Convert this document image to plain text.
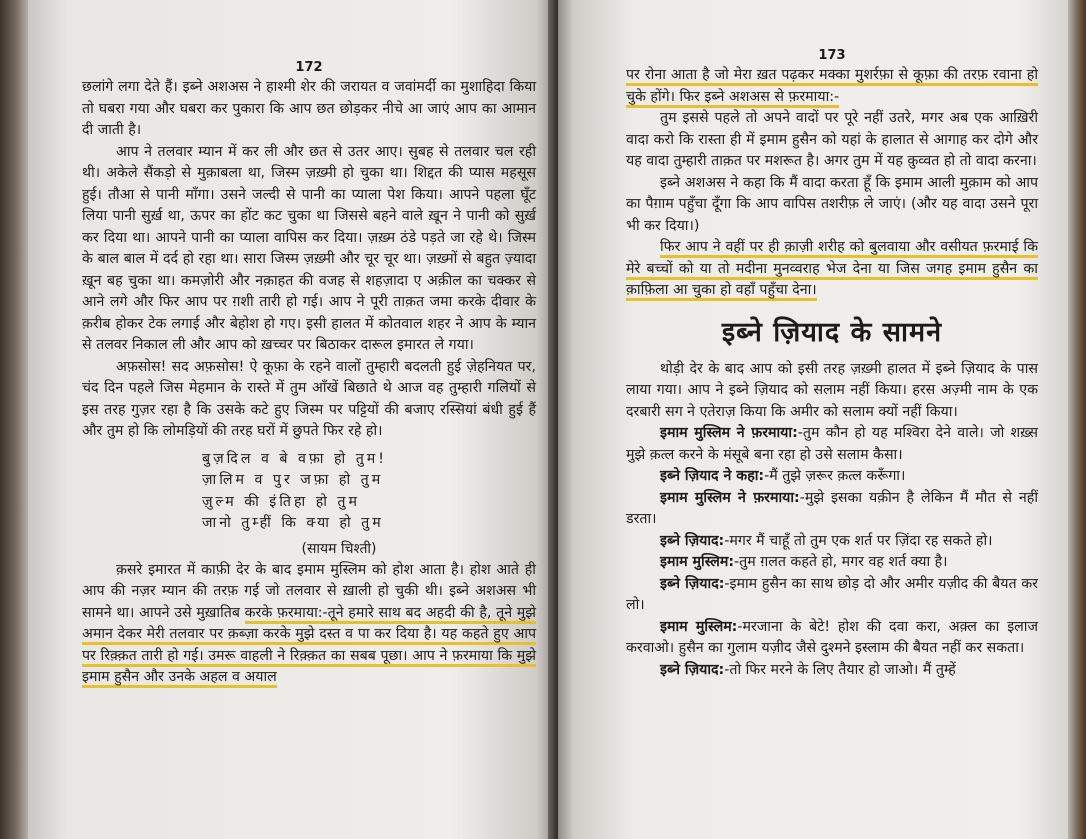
172

छलांगे लगा देते हैं। इब्ने अशअस ने हाश्मी शेर की जरायत व जवांमर्दी का मुशाहिदा किया तो घबरा गया और घबरा कर पुकारा कि आप छत छोड़कर नीचे आ जाएं आप का आमान दी जाती है।

आप ने तलवार म्यान में कर ली और छत से उतर आए। सुबह से तलवार चल रही थी। अकेले सैंकड़ो से मुक़ाबला था, जिस्म ज़ख़्मी हो चुका था। शिद्दत की प्यास महसूस हुई। तौआ से पानी माँगा। उसने जल्दी से पानी का प्याला पेश किया। आपने पहला घूँट लिया पानी सुर्ख़ था, ऊपर का होंट कट चुका था जिससे बहने वाले ख़ून ने पानी को सुर्ख़ कर दिया था। आपने पानी का प्याला वापिस कर दिया। ज़ख़्म ठंडे पड़ते जा रहे थे। जिस्म के बाल बाल में दर्द हो रहा था। सारा जिस्म ज़ख़्मी और चूर चूर था। ज़ख़्मों से बहुत ज़्यादा ख़ून बह चुका था। कमज़ोरी और नक़ाहत की वजह से शहज़ादा ए अक़ील का चक्कर से आने लगे और फिर आप पर ग़शी तारी हो गई। आप ने पूरी ताक़त जमा करके दीवार के क़रीब होकर टेक लगाई और बेहोश हो गए। इसी हालत में कोतवाल शहर ने आप के म्यान से तलवर निकाल ली और आप को ख़च्चर पर बिठाकर दारूल इमारत ले गया।

अफ़सोस! सद अफ़सोस! ऐ कूफ़ा के रहने वालों तुम्हारी बदलती हुई ज़ेहनियत पर, चंद दिन पहले जिस मेहमान के रास्ते में तुम आँखें बिछाते थे आज वह तुम्हारी गलियों से इस तरह गुज़र रहा है कि उसके कटे हुए जिस्म पर पट्टियों की बजाए रस्सियां बंधी हुई हैं और तुम हो कि लोमड़ियों की तरह घरों में छुपते फिर रहे हो।

बुज़दिल व बे वफ़ा हो तुम!
ज़ालिम व पुर जफ़ा हो तुम
ज़ुल्म की इंतिहा हो तुम
जानो तुम्हीं कि क्या हो तुम
(सायम चिश्ती)

क़सरे इमारत में काफ़ी देर के बाद इमाम मुस्लिम को होश आता है। होश आते ही आप की नज़र म्यान की तरफ़ गई जो तलवार से ख़ाली हो चुकी थी। इब्ने अशअस भी सामने था। आपने उसे मुख़ातिब करके फ़रमाया:-तूने हमारे साथ बद अहदी की है, तूने मुझे अमान देकर मेरी तलवार पर क़ब्ज़ा करके मुझे दस्त व पा कर दिया है। यह कहते हुए आप पर रिक़्क़त तारी हो गई। उमरू वाहली ने रिक़्क़त का सबब पूछा। आप ने फ़रमाया कि मुझे इमाम हुसैन और उनके अहल व अयाल

173

पर रोना आता है जो मेरा ख़त पढ़कर मक्का मुशर्रफ़ा से कूफ़ा की तरफ़ रवाना हो चुके होंगे। फिर इब्ने अशअस से फ़रमाया:-

तुम इससे पहले तो अपने वादों पर पूरे नहीं उतरे, मगर अब एक आख़िरी वादा करो कि रास्ता ही में इमाम हुसैन को यहां के हालात से आगाह कर दोगे और यह वादा तुम्हारी ताक़त पर मशरूत है। अगर तुम में यह क़ुव्वत हो तो वादा करना।

इब्ने अशअस ने कहा कि मैं वादा करता हूँ कि इमाम आली मुक़ाम को आप का पैग़ाम पहुँचा दूँगा कि आप वापिस तशरीफ़ ले जाएं। (और यह वादा उसने पूरा भी कर दिया।)

फिर आप ने वहीं पर ही क़ाज़ी शरीह को बुलवाया और वसीयत फ़रमाई कि मेरे बच्चों को या तो मदीना मुनव्वराह भेज देना या जिस जगह इमाम हुसैन का क़ाफ़िला आ चुका हो वहाँ पहुँचा देना।

इब्ने ज़ियाद के सामने

थोड़ी देर के बाद आप को इसी तरह ज़ख़्मी हालत में इब्ने ज़ियाद के पास लाया गया। आप ने इब्ने ज़ियाद को सलाम नहीं किया। हरस अज़्मी नाम के एक दरबारी सग ने एतेराज़ किया कि अमीर को सलाम क्यों नहीं किया।

इमाम मुस्लिम ने फ़रमाया:-तुम कौन हो यह मश्विरा देने वाले। जो शख़्स मुझे क़त्ल करने के मंसूबे बना रहा हो उसे सलाम कैसा।

इब्ने ज़ियाद ने कहा:-मैं तुझे ज़रूर क़त्ल करूँगा।

इमाम मुस्लिम ने फ़रमाया:-मुझे इसका यक़ीन है लेकिन मैं मौत से नहीं डरता।

इब्ने ज़ियाद:-मगर मैं चाहूँ तो तुम एक शर्त पर ज़िंदा रह सकते हो।

इमाम मुस्लिम:-तुम ग़लत कहते हो, मगर वह शर्त क्या है।

इब्ने ज़ियाद:-इमाम हुसैन का साथ छोड़ दो और अमीर यज़ीद की बैयत कर लो।

इमाम मुस्लिम:-मरजाना के बेटे! होश की दवा करा, अक़्ल का इलाज करवाओ। हुसैन का गुलाम यज़ीद जैसे दुश्मने इस्लाम की बैयत नहीं कर सकता।

इब्ने ज़ियाद:-तो फिर मरने के लिए तैयार हो जाओ। मैं तुम्हें
